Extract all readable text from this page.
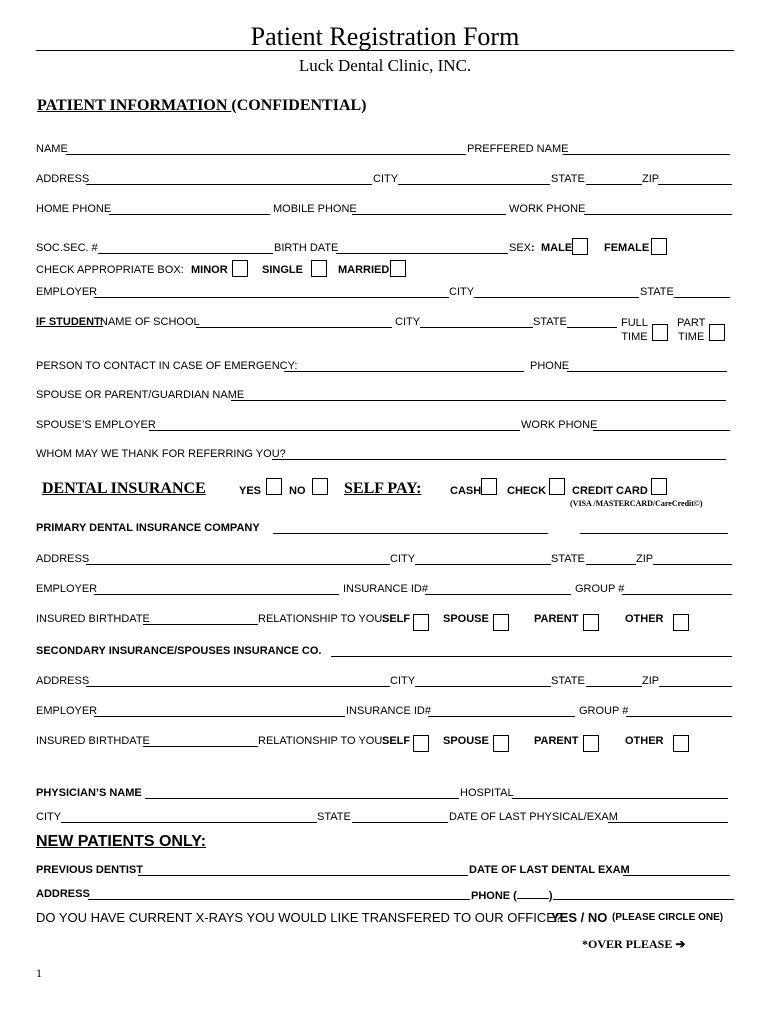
Patient Registration Form
Luck Dental Clinic, INC.
PATIENT INFORMATION (CONFIDENTIAL)
NAME	PREFFERED NAME
ADDRESS	CITY	STATE	ZIP
HOME PHONE	MOBILE PHONE	WORK PHONE
SOC.SEC. #	BIRTH DATE	SEX: MALE	FEMALE
CHECK APPROPRIATE BOX: MINOR	SINGLE	MARRIED
EMPLOYER	CITY	STATE
IF STUDENT:
NAME OF SCHOOL	CITY	STATE	FULL
TIME
PART
TIME
PERSON TO CONTACT IN CASE OF EMERGENCY:	PHONE
SPOUSE OR PARENT/GUARDIAN NAME
SPOUSE’S EMPLOYER	WORK PHONE
WHOM MAY WE THANK FOR REFERRING YOU?
DENTAL INSURANCE	YES	NO SELF PAY:	CASH CHECK CREDIT CARD
(VISA /MASTERCARD/CareCredit©)
PRIMARY DENTAL INSURANCE COMPANY
ADDRESS	CITY	STATE	ZIP
EMPLOYER	INSURANCE ID#	GROUP #
INSURED BIRTHDATE	RELATIONSHIP TO YOU:
SELF	SPOUSE	PARENT	OTHER
SECONDARY INSURANCE/SPOUSES INSURANCE CO.
ADDRESS	CITY	STATE	ZIP
EMPLOYER	INSURANCE ID#	GROUP #
INSURED BIRTHDATE	RELATIONSHIP TO YOU:
SELF	SPOUSE	PARENT	OTHER
PHYSICIAN’S NAME	HOSPITAL
CITY	STATE	DATE OF LAST PHYSICAL/EXAM
NEW PATIENTS ONLY:
PREVIOUS DENTIST	DATE OF LAST DENTAL EXAM
ADDRESS	PHONE (	)
DO YOU HAVE CURRENT X-RAYS YOU WOULD LIKE TRANSFERED TO OUR OFFICE?
YES / NO (PLEASE CIRCLE ONE)
*OVER PLEASE ➔
1
